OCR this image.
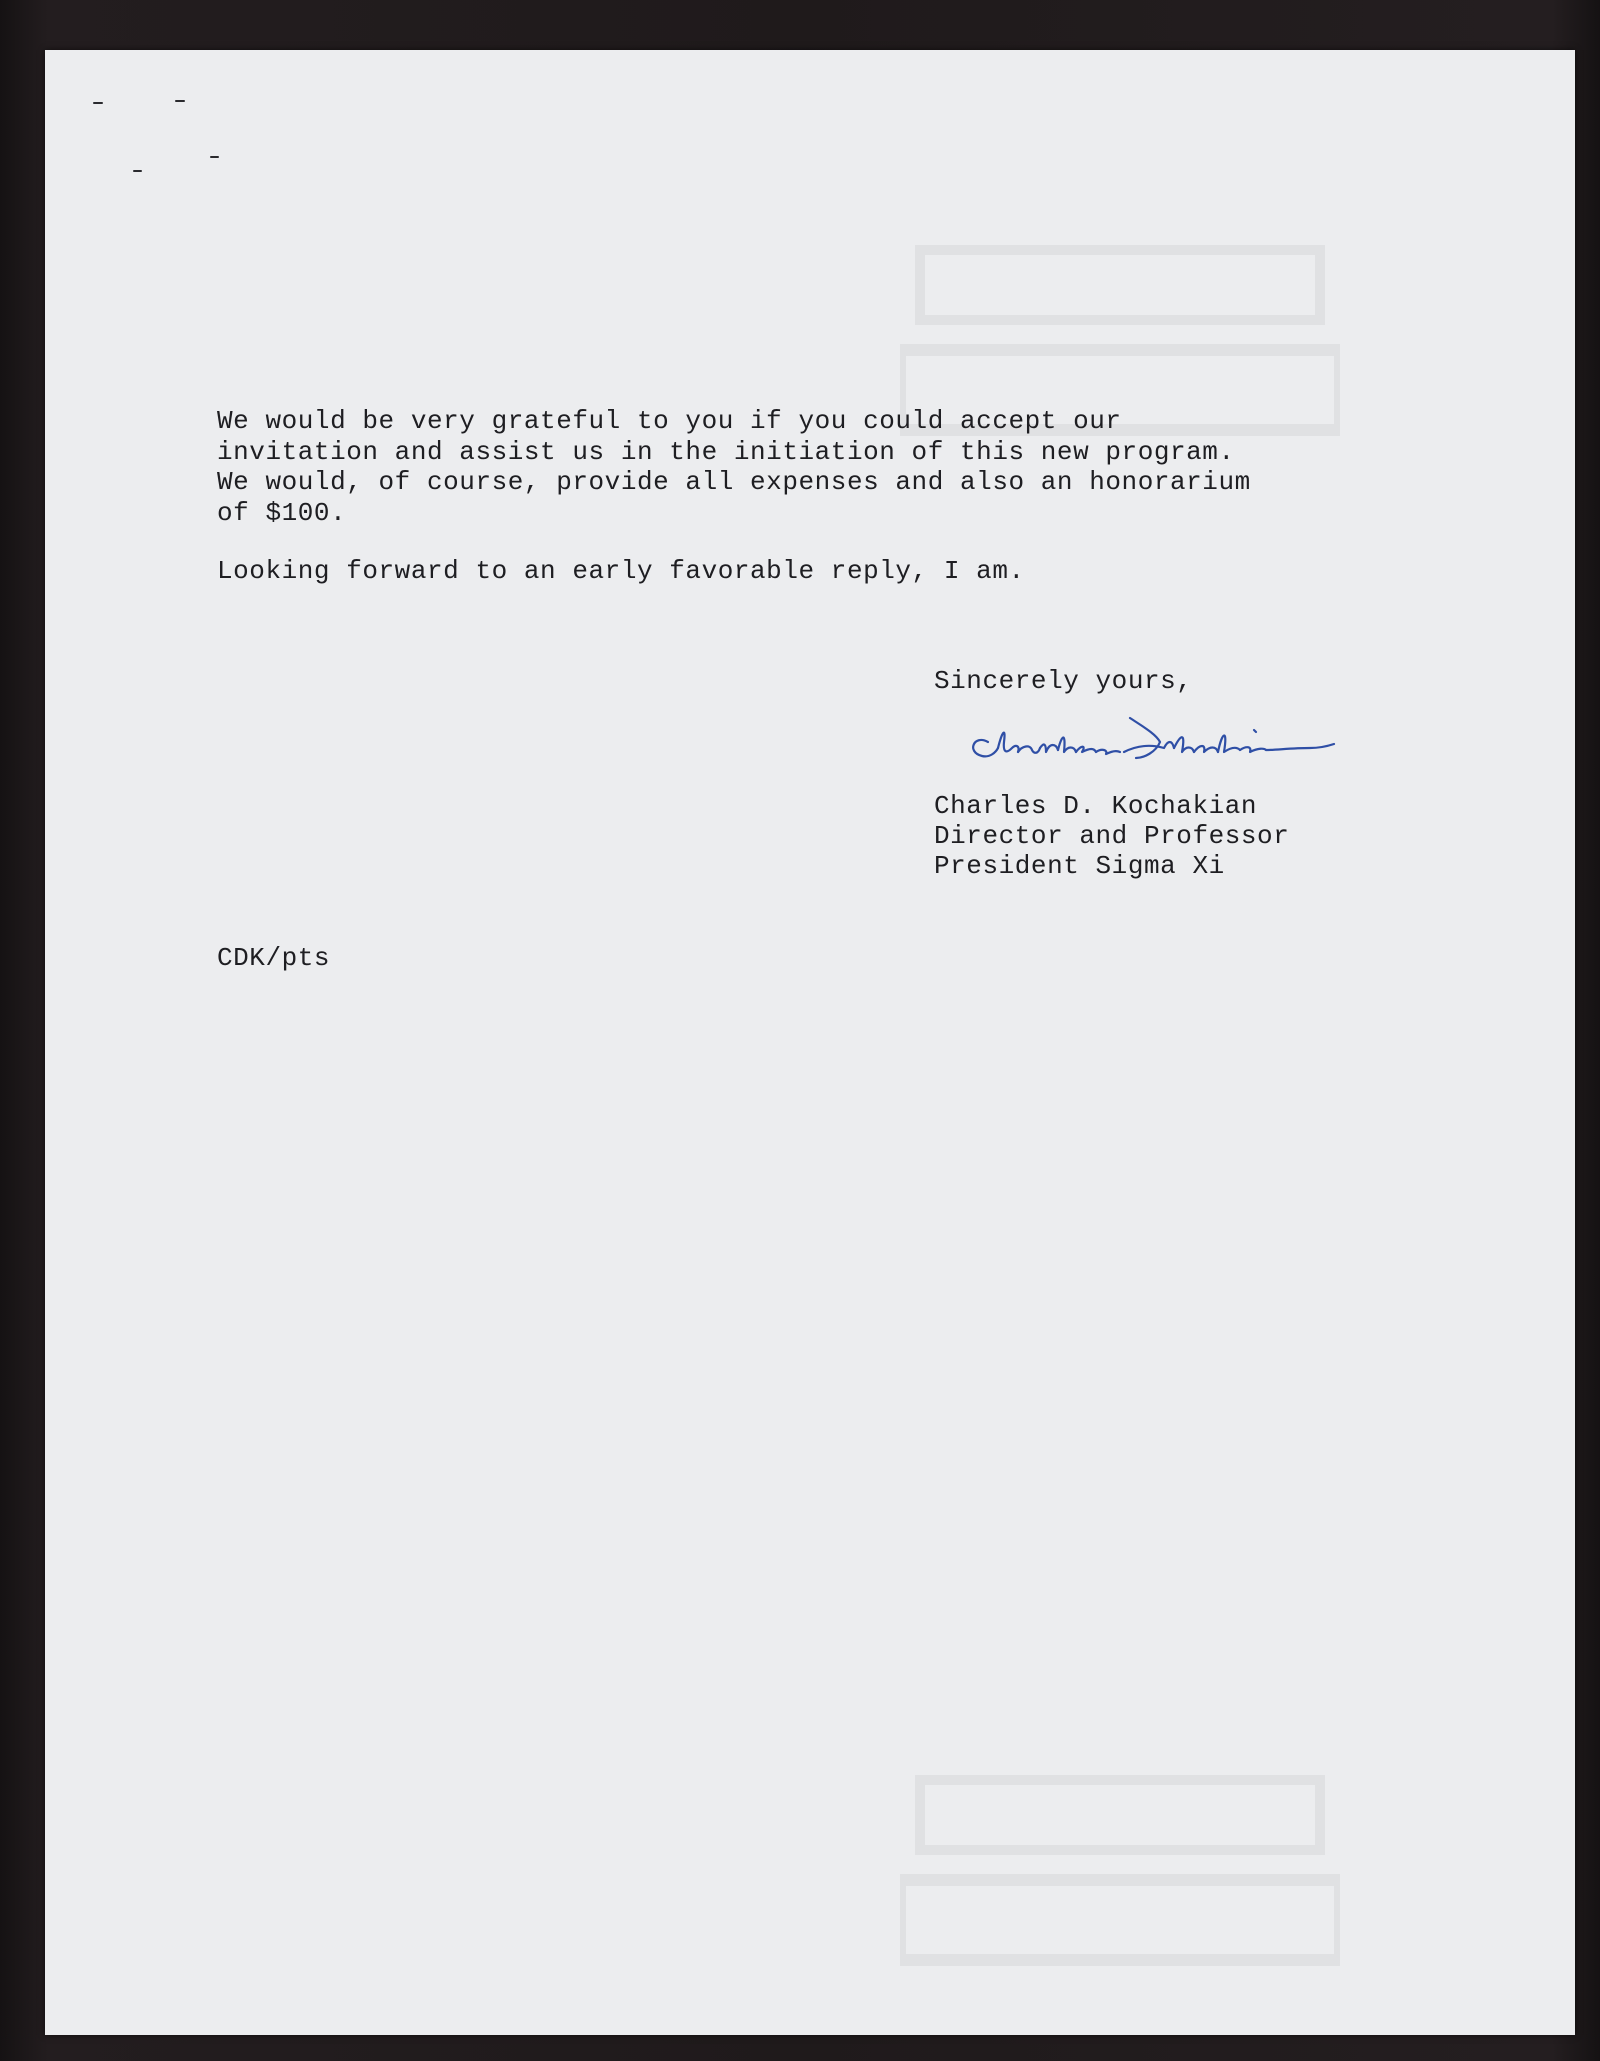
We would be very grateful to you if you could accept our
invitation and assist us in the initiation of this new program.
We would, of course, provide all expenses and also an honorarium
of $100.
Looking forward to an early favorable reply, I am.
Sincerely yours,
Charles D. Kochakian
Director and Professor
President Sigma Xi
CDK/pts
